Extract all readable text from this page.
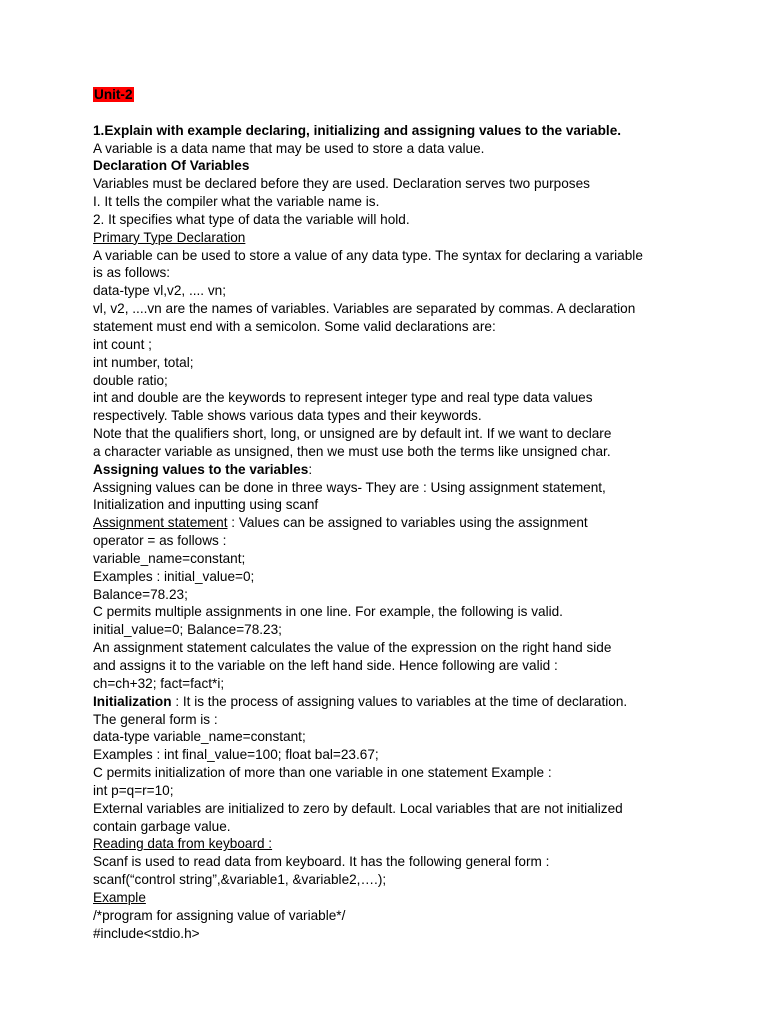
Unit-2
1.Explain with example declaring, initializing and assigning values to the variable.
A variable is a data name that may be used to store a data value.
Declaration Of Variables
Variables must be declared before they are used. Declaration serves two purposes
I. It tells the compiler what the variable name is.
2. It specifies what type of data the variable will hold.
Primary Type Declaration
A variable can be used to store a value of any data type. The syntax for declaring a variable
is as follows:
data-type vl,v2, .... vn;
vl, v2, ....vn are the names of variables. Variables are separated by commas. A declaration
statement must end with a semicolon. Some valid declarations are:
int count ;
int number, total;
double ratio;
int and double are the keywords to represent integer type and real type data values
respectively. Table shows various data types and their keywords.
Note that the qualifiers short, long, or unsigned are by default int. If we want to declare
a character variable as unsigned, then we must use both the terms like unsigned char.
Assigning values to the variables:
Assigning values can be done in three ways- They are : Using assignment statement,
Initialization and inputting using scanf
Assignment statement : Values can be assigned to variables using the assignment
operator = as follows :
variable_name=constant;
Examples : initial_value=0;
Balance=78.23;
C permits multiple assignments in one line. For example, the following is valid.
initial_value=0; Balance=78.23;
An assignment statement calculates the value of the expression on the right hand side
and assigns it to the variable on the left hand side. Hence following are valid :
ch=ch+32; fact=fact*i;
Initialization : It is the process of assigning values to variables at the time of declaration.
The general form is :
data-type variable_name=constant;
Examples : int final_value=100; float bal=23.67;
C permits initialization of more than one variable in one statement Example :
int p=q=r=10;
External variables are initialized to zero by default. Local variables that are not initialized
contain garbage value.
Reading data from keyboard :
Scanf is used to read data from keyboard. It has the following general form :
scanf(“control string”,&variable1, &variable2,….);
Example
/*program for assigning value of variable*/
#include<stdio.h>
